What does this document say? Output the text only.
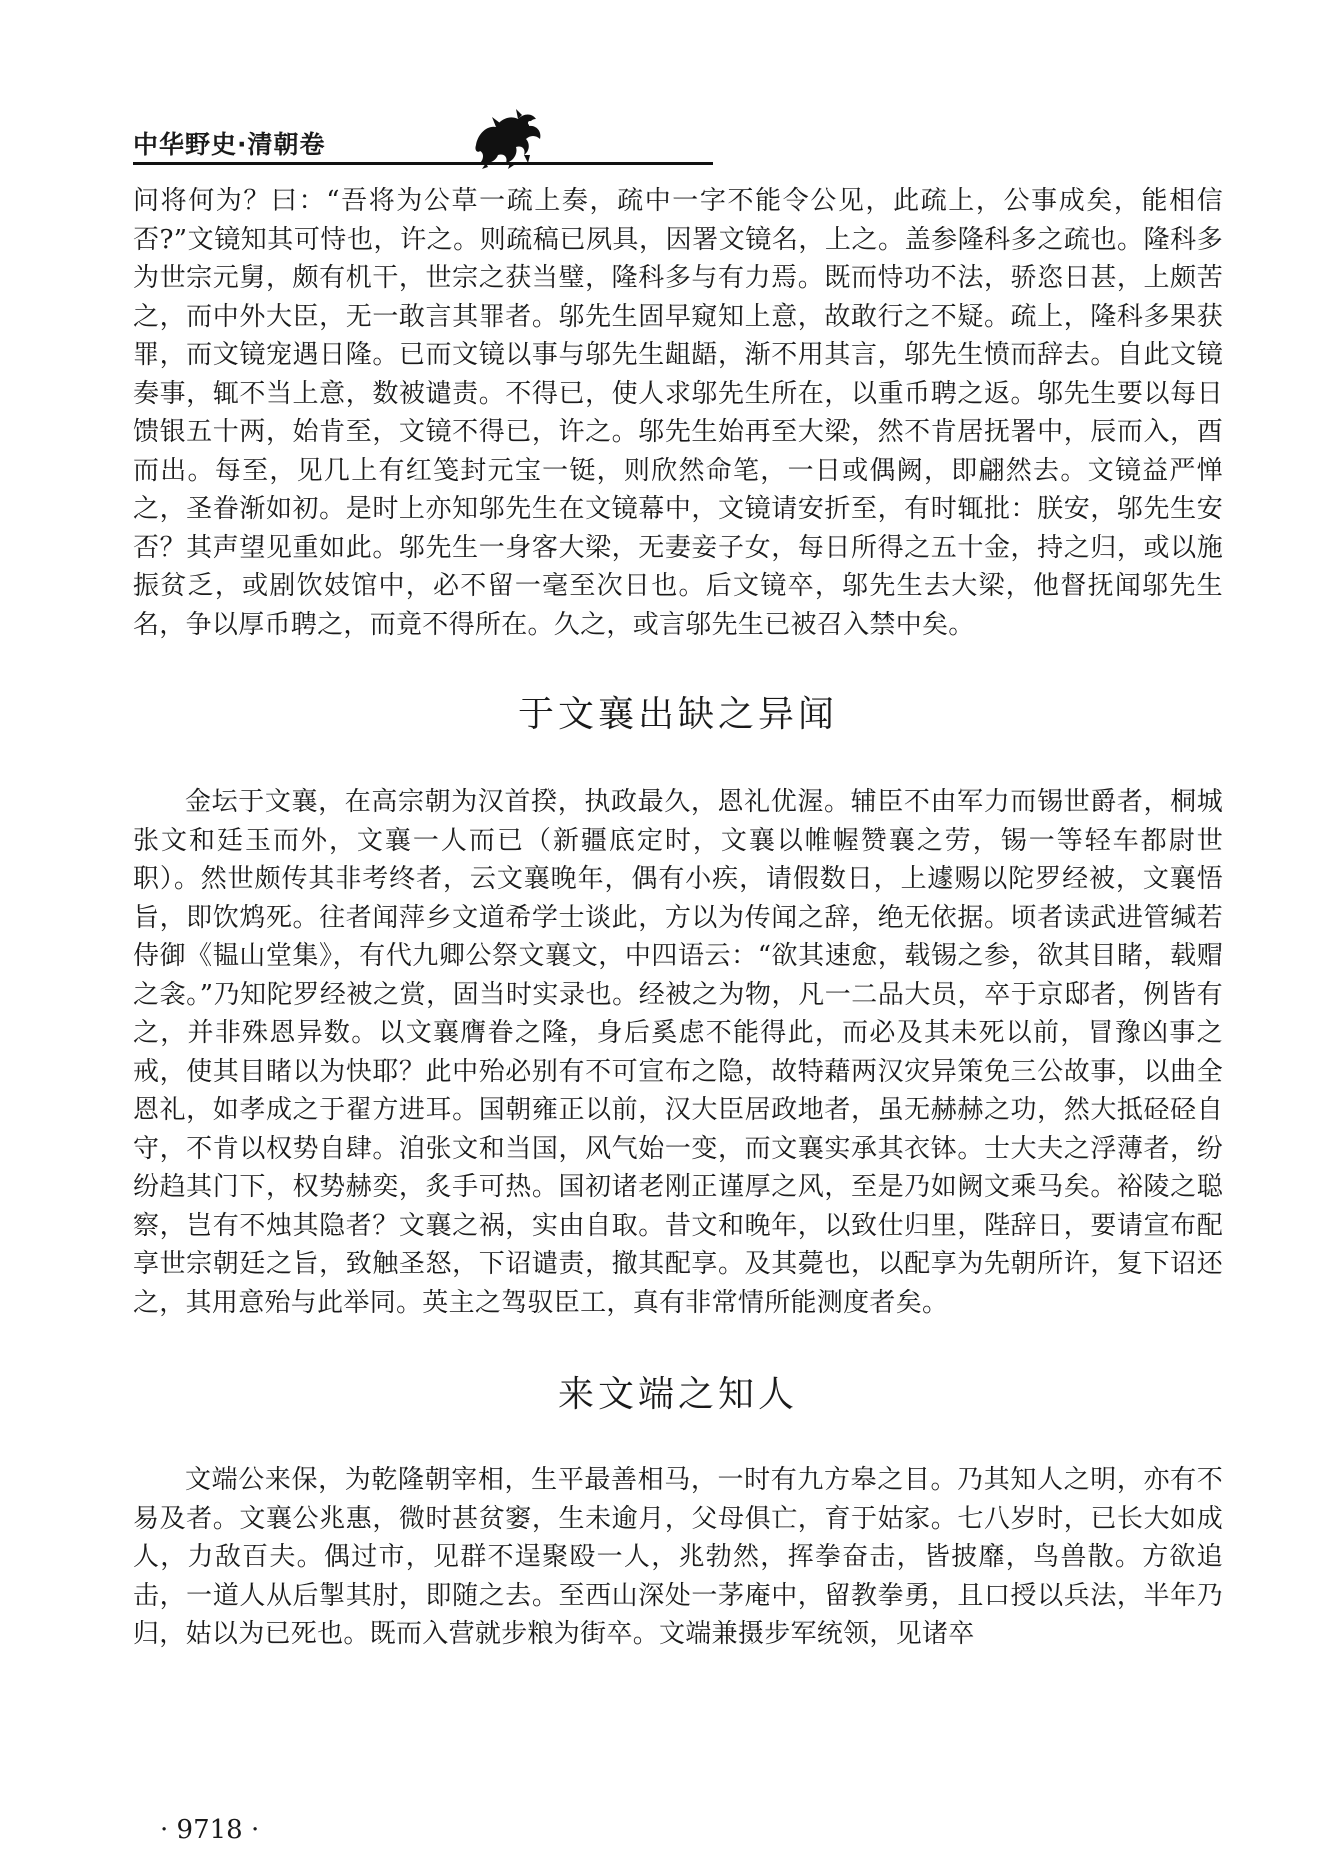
中华野史·清朝卷

问将何为？曰：“吾将为公草一疏上奏，疏中一字不能令公见，此疏上，公事成矣，能相信否?”文镜知其可恃也，许之。则疏稿已夙具，因署文镜名，上之。盖参隆科多之疏也。隆科多为世宗元舅，颇有机干，世宗之获当璧，隆科多与有力焉。既而恃功不法，骄恣日甚，上颇苦之，而中外大臣，无一敢言其罪者。邬先生固早窥知上意，故敢行之不疑。疏上，隆科多果获罪，而文镜宠遇日隆。已而文镜以事与邬先生龃龉，渐不用其言，邬先生愤而辞去。自此文镜奏事，辄不当上意，数被谴责。不得已，使人求邬先生所在，以重币聘之返。邬先生要以每日馈银五十两，始肯至，文镜不得已，许之。邬先生始再至大梁，然不肯居抚署中，辰而入，酉而出。每至，见几上有红笺封元宝一铤，则欣然命笔，一日或偶阙，即翩然去。文镜益严惮之，圣眷渐如初。是时上亦知邬先生在文镜幕中，文镜请安折至，有时辄批：朕安，邬先生安否？其声望见重如此。邬先生一身客大梁，无妻妾子女，每日所得之五十金，持之归，或以施振贫乏，或剧饮妓馆中，必不留一毫至次日也。后文镜卒，邬先生去大梁，他督抚闻邬先生名，争以厚币聘之，而竟不得所在。久之，或言邬先生已被召入禁中矣。

于文襄出缺之异闻

金坛于文襄，在高宗朝为汉首揆，执政最久，恩礼优渥。辅臣不由军力而锡世爵者，桐城张文和廷玉而外，文襄一人而已（新疆底定时，文襄以帷幄赞襄之劳，锡一等轻车都尉世职）。然世颇传其非考终者，云文襄晚年，偶有小疾，请假数日，上遽赐以陀罗经被，文襄悟旨，即饮鸩死。往者闻萍乡文道希学士谈此，方以为传闻之辞，绝无依据。顷者读武进管缄若侍御《韫山堂集》，有代九卿公祭文襄文，中四语云：“欲其速愈，载锡之参，欲其目睹，载赗之衾。”乃知陀罗经被之赏，固当时实录也。经被之为物，凡一二品大员，卒于京邸者，例皆有之，并非殊恩异数。以文襄膺眷之隆，身后奚虑不能得此，而必及其未死以前，冒豫凶事之戒，使其目睹以为快耶？此中殆必别有不可宣布之隐，故特藉两汉灾异策免三公故事，以曲全恩礼，如孝成之于翟方进耳。国朝雍正以前，汉大臣居政地者，虽无赫赫之功，然大抵硁硁自守，不肯以权势自肆。洎张文和当国，风气始一变，而文襄实承其衣钵。士大夫之浮薄者，纷纷趋其门下，权势赫奕，炙手可热。国初诸老刚正谨厚之风，至是乃如阙文乘马矣。裕陵之聪察，岂有不烛其隐者？文襄之祸，实由自取。昔文和晚年，以致仕归里，陛辞日，要请宣布配享世宗朝廷之旨，致触圣怒，下诏谴责，撤其配享。及其薨也，以配享为先朝所许，复下诏还之，其用意殆与此举同。英主之驾驭臣工，真有非常情所能测度者矣。

来文端之知人

文端公来保，为乾隆朝宰相，生平最善相马，一时有九方皋之目。乃其知人之明，亦有不易及者。文襄公兆惠，微时甚贫窭，生未逾月，父母俱亡，育于姑家。七八岁时，已长大如成人，力敌百夫。偶过市，见群不逞聚殴一人，兆勃然，挥拳奋击，皆披靡，鸟兽散。方欲追击，一道人从后掣其肘，即随之去。至西山深处一茅庵中，留教拳勇，且口授以兵法，半年乃归，姑以为已死也。既而入营就步粮为街卒。文端兼摄步军统领，见诸卒

· 9718 ·
